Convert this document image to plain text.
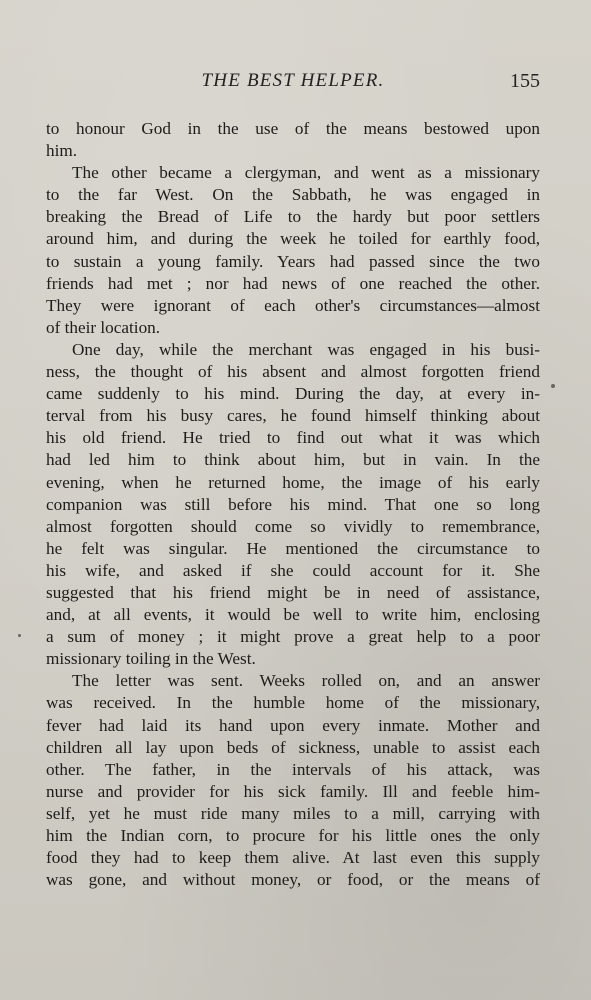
THE BEST HELPER.	155
to honour God in the use of the means bestowed upon
him.
The other became a clergyman, and went as a missionary
to the far West. On the Sabbath, he was engaged in
breaking the Bread of Life to the hardy but poor settlers
around him, and during the week he toiled for earthly food,
to sustain a young family. Years had passed since the two
friends had met ; nor had news of one reached the other.
They were ignorant of each other's circumstances—almost
of their location.
One day, while the merchant was engaged in his busi-
ness, the thought of his absent and almost forgotten friend
came suddenly to his mind. During the day, at every in-
terval from his busy cares, he found himself thinking about
his old friend. He tried to find out what it was which
had led him to think about him, but in vain. In the
evening, when he returned home, the image of his early
companion was still before his mind. That one so long
almost forgotten should come so vividly to remembrance,
he felt was singular. He mentioned the circumstance to
his wife, and asked if she could account for it. She
suggested that his friend might be in need of assistance,
and, at all events, it would be well to write him, enclosing
a sum of money ; it might prove a great help to a poor
missionary toiling in the West.
The letter was sent. Weeks rolled on, and an answer
was received. In the humble home of the missionary,
fever had laid its hand upon every inmate. Mother and
children all lay upon beds of sickness, unable to assist each
other. The father, in the intervals of his attack, was
nurse and provider for his sick family. Ill and feeble him-
self, yet he must ride many miles to a mill, carrying with
him the Indian corn, to procure for his little ones the only
food they had to keep them alive. At last even this supply
was gone, and without money, or food, or the means of
